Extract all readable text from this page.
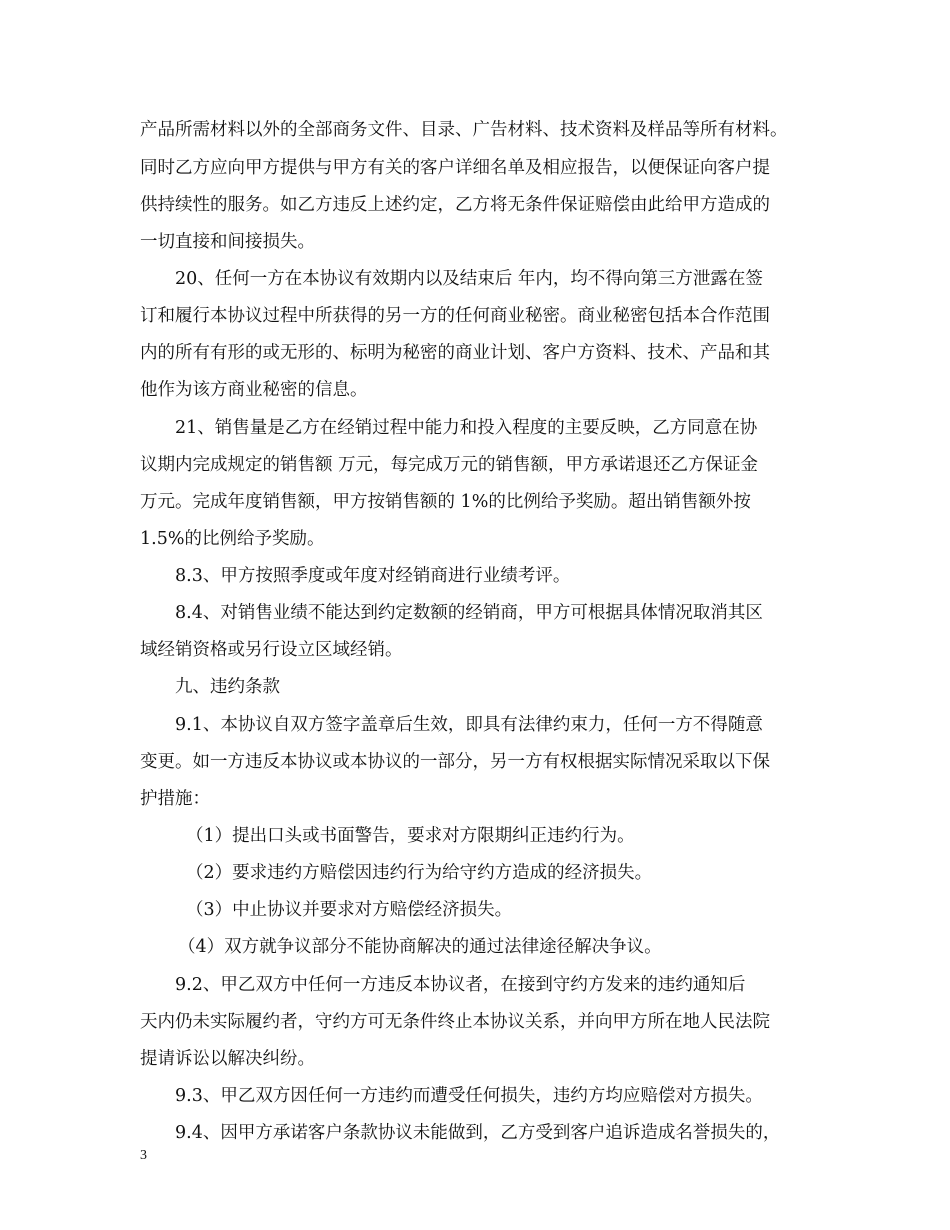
产品所需材料以外的全部商务文件、目录、广告材料、技术资料及样品等所有材料。
同时乙方应向甲方提供与甲方有关的客户详细名单及相应报告，以便保证向客户提
供持续性的服务。如乙方违反上述约定，乙方将无条件保证赔偿由此给甲方造成的
一切直接和间接损失。
20、任何一方在本协议有效期内以及结束后 年内，均不得向第三方泄露在签
订和履行本协议过程中所获得的另一方的任何商业秘密。商业秘密包括本合作范围
内的所有有形的或无形的、标明为秘密的商业计划、客户方资料、技术、产品和其
他作为该方商业秘密的信息。
21、销售量是乙方在经销过程中能力和投入程度的主要反映，乙方同意在协
议期内完成规定的销售额 万元，每完成万元的销售额，甲方承诺退还乙方保证金
万元。完成年度销售额，甲方按销售额的 1%的比例给予奖励。超出销售额外按
1.5%的比例给予奖励。
8.3、甲方按照季度或年度对经销商进行业绩考评。
8.4、对销售业绩不能达到约定数额的经销商，甲方可根据具体情况取消其区
域经销资格或另行设立区域经销。
九、违约条款
9.1、本协议自双方签字盖章后生效，即具有法律约束力，任何一方不得随意
变更。如一方违反本协议或本协议的一部分，另一方有权根据实际情况采取以下保
护措施：
（1）提出口头或书面警告，要求对方限期纠正违约行为。
（2）要求违约方赔偿因违约行为给守约方造成的经济损失。
（3）中止协议并要求对方赔偿经济损失。
（4）双方就争议部分不能协商解决的通过法律途径解决争议。
9.2、甲乙双方中任何一方违反本协议者，在接到守约方发来的违约通知后
天内仍未实际履约者，守约方可无条件终止本协议关系，并向甲方所在地人民法院
提请诉讼以解决纠纷。
9.3、甲乙双方因任何一方违约而遭受任何损失，违约方均应赔偿对方损失。
9.4、因甲方承诺客户条款协议未能做到，乙方受到客户追诉造成名誉损失的，
3
